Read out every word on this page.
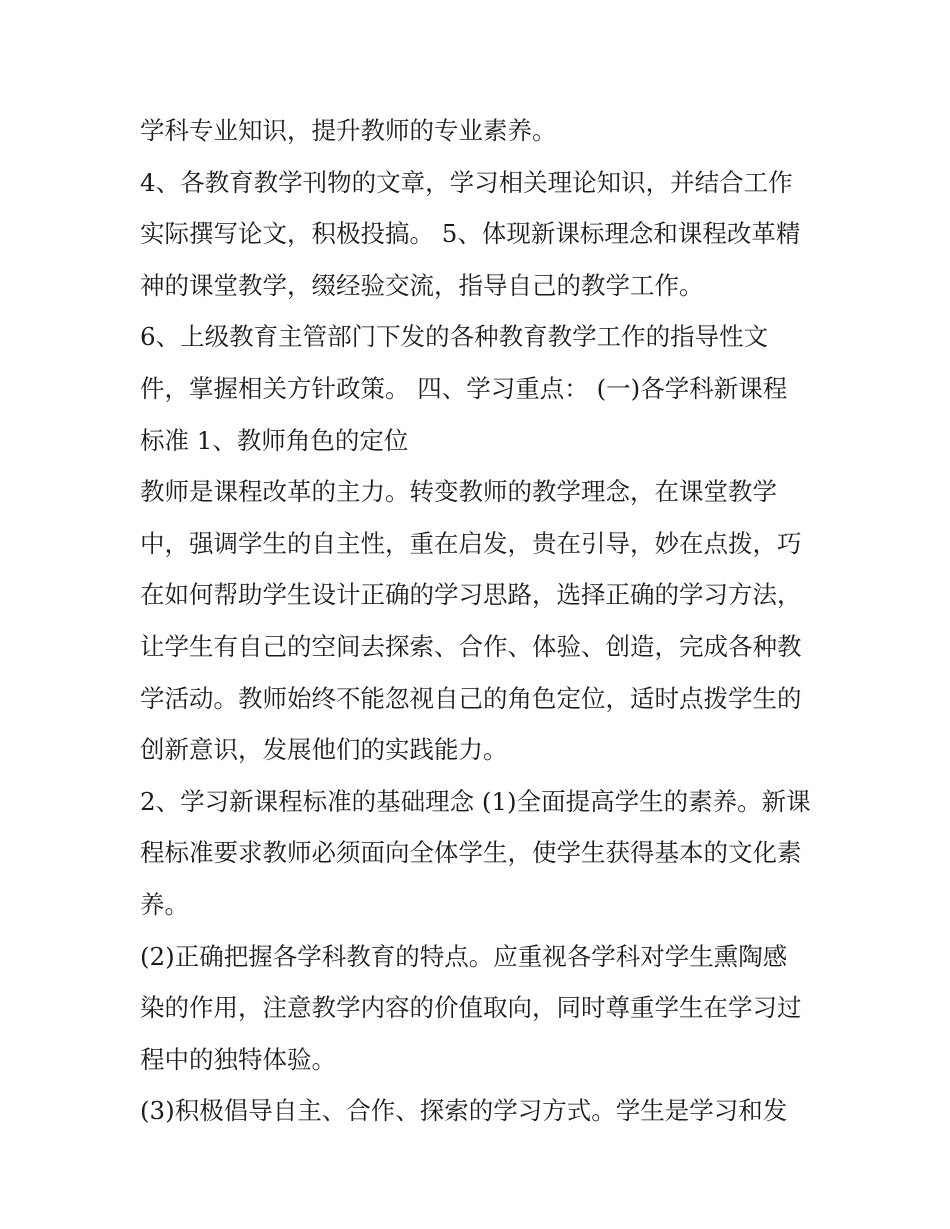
学科专业知识，提升教师的专业素养。
4、各教育教学刊物的文章，学习相关理论知识，并结合工作
实际撰写论文，积极投搞。 5、体现新课标理念和课程改革精
神的课堂教学，缀经验交流，指导自己的教学工作。
6、上级教育主管部门下发的各种教育教学工作的指导性文
件，掌握相关方针政策。 四、学习重点： (一)各学科新课程
标准 1、教师角色的定位
教师是课程改革的主力。转变教师的教学理念，在课堂教学
中，强调学生的自主性，重在启发，贵在引导，妙在点拨，巧
在如何帮助学生设计正确的学习思路，选择正确的学习方法，
让学生有自己的空间去探索、合作、体验、创造，完成各种教
学活动。教师始终不能忽视自己的角色定位，适时点拨学生的
创新意识，发展他们的实践能力。
2、学习新课程标准的基础理念 (1)全面提高学生的素养。新课
程标准要求教师必须面向全体学生，使学生获得基本的文化素
养。
(2)正确把握各学科教育的特点。应重视各学科对学生熏陶感
染的作用，注意教学内容的价值取向，同时尊重学生在学习过
程中的独特体验。
(3)积极倡导自主、合作、探索的学习方式。学生是学习和发
